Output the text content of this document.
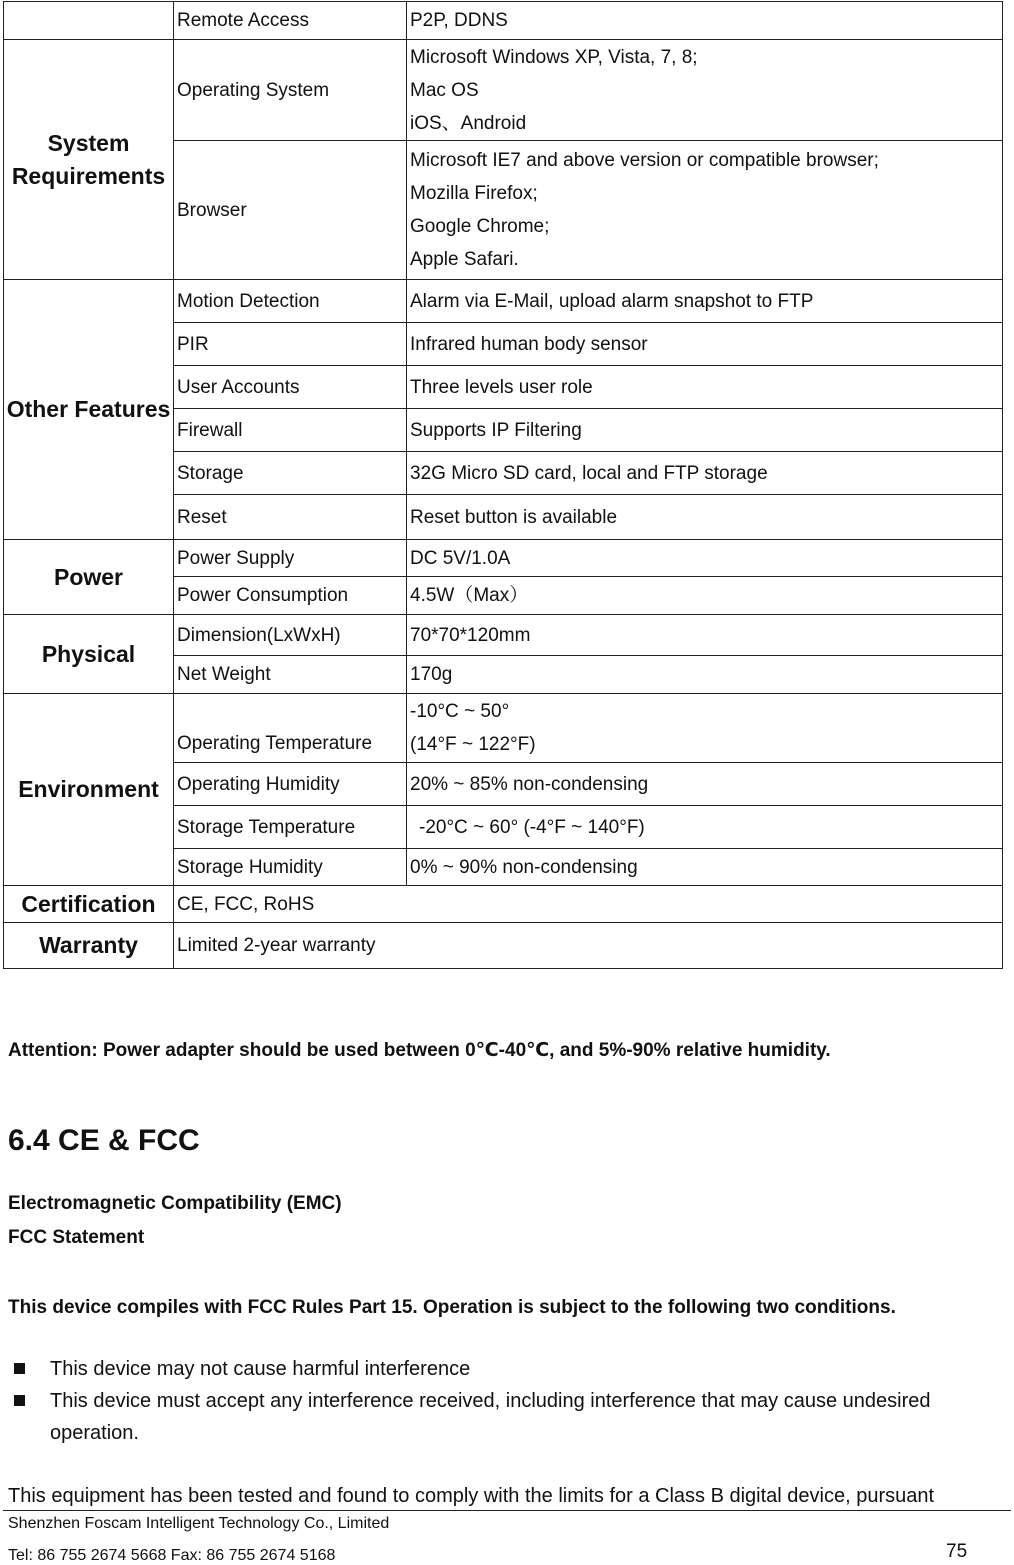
	Remote Access	P2P, DDNS
System Requirements	Operating System	Microsoft Windows XP, Vista, 7, 8;
Mac OS
iOS、Android

	Browser	Microsoft IE7 and above version or compatible browser;
Mozilla Firefox;
Google Chrome;
Apple Safari.

Other Features	Motion Detection	Alarm via E-Mail, upload alarm snapshot to FTP
	PIR	Infrared human body sensor
	User Accounts	Three levels user role
	Firewall	Supports IP Filtering
	Storage	32G Micro SD card, local and FTP storage
	Reset	Reset button is available
Power	Power Supply	DC 5V/1.0A
	Power Consumption	4.5W（Max）
Physical	Dimension(LxWxH)	70*70*120mm
	Net Weight	170g
Environment	Operating Temperature	-10°C ~ 50°
(14°F ~ 122°F)

	Operating Humidity	20% ~ 85% non-condensing
	Storage Temperature	-20°C ~ 60° (-4°F ~ 140°F)
	Storage Humidity	0% ~ 90% non-condensing
Certification	CE, FCC, RoHS	
Warranty	Limited 2-year warranty	
Attention: Power adapter should be used between 0℃-40℃, and 5%-90% relative humidity.
6.4 CE & FCC
Electromagnetic Compatibility (EMC)
FCC Statement
This device compiles with FCC Rules Part 15. Operation is subject to the following two conditions.
This device may not cause harmful interference
This device must accept any interference received, including interference that may cause undesired operation.
This equipment has been tested and found to comply with the limits for a Class B digital device, pursuant
Shenzhen Foscam Intelligent Technology Co., Limited
Tel: 86 755 2674 5668 Fax: 86 755 2674 5168	75
